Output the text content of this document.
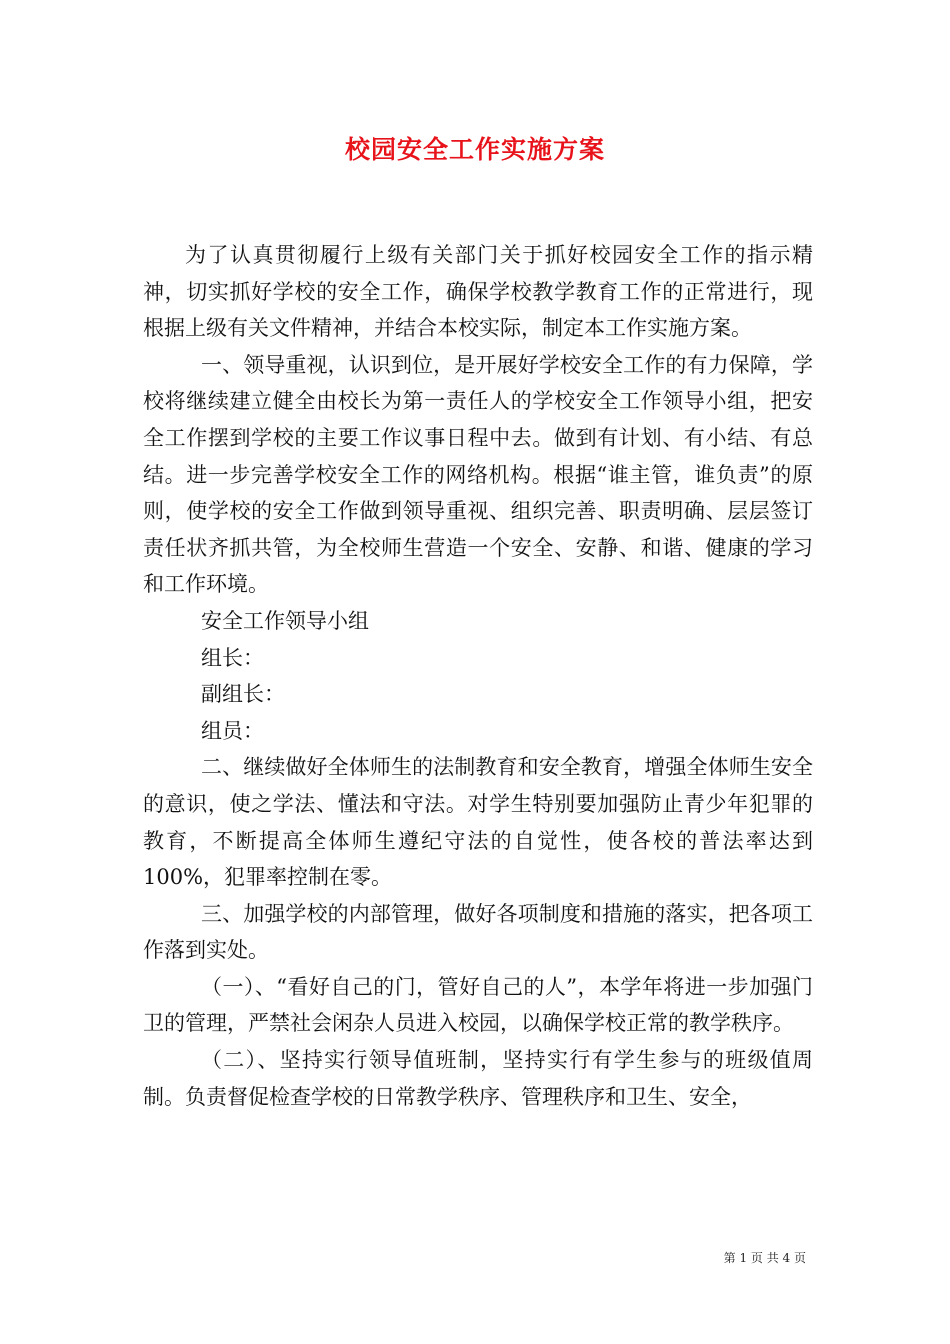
校园安全工作实施方案

为了认真贯彻履行上级有关部门关于抓好校园安全工作的指示精神，切实抓好学校的安全工作，确保学校教学教育工作的正常进行，现根据上级有关文件精神，并结合本校实际，制定本工作实施方案。

一、领导重视，认识到位，是开展好学校安全工作的有力保障，学校将继续建立健全由校长为第一责任人的学校安全工作领导小组，把安全工作摆到学校的主要工作议事日程中去。做到有计划、有小结、有总结。进一步完善学校安全工作的网络机构。根据“谁主管，谁负责”的原则，使学校的安全工作做到领导重视、组织完善、职责明确、层层签订责任状齐抓共管，为全校师生营造一个安全、安静、和谐、健康的学习和工作环境。

安全工作领导小组

组长：

副组长：

组员：

二、继续做好全体师生的法制教育和安全教育，增强全体师生安全的意识，使之学法、懂法和守法。对学生特别要加强防止青少年犯罪的教育，不断提高全体师生遵纪守法的自觉性，使各校的普法率达到100%，犯罪率控制在零。

三、加强学校的内部管理，做好各项制度和措施的落实，把各项工作落到实处。

（一）、“看好自己的门，管好自己的人”，本学年将进一步加强门卫的管理，严禁社会闲杂人员进入校园，以确保学校正常的教学秩序。

（二）、坚持实行领导值班制，坚持实行有学生参与的班级值周制。负责督促检查学校的日常教学秩序、管理秩序和卫生、安全，

第 1 页 共 4 页
